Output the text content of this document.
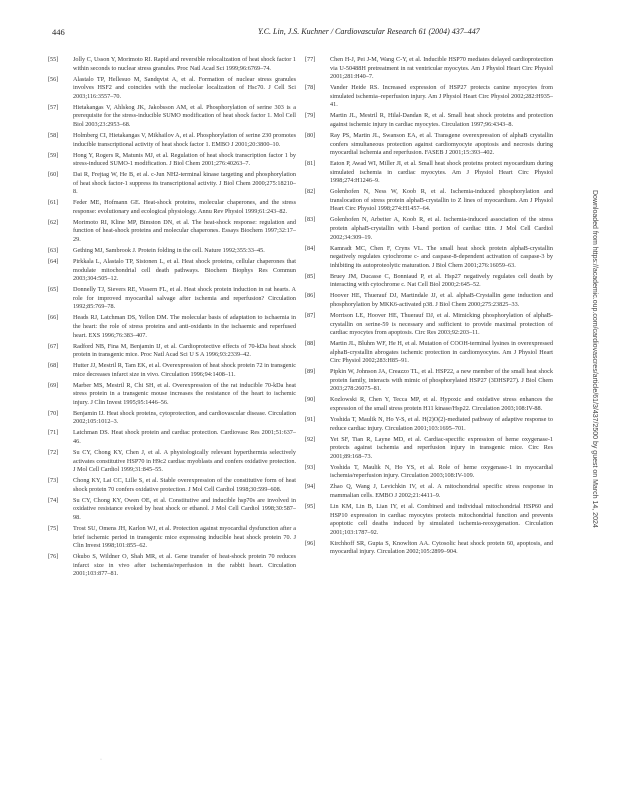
446	Y.C. Lin, J.S. Kuchner / Cardiovascular Research 61 (2004) 437–447
[55]	Jolly C, Usson Y, Morimoto RI. Rapid and reversible relocalization of heat shock factor 1 within seconds to nuclear stress granules. Proc Natl Acad Sci 1999;96:6769–74.
[56]	Alastalo TP, Hellesuo M, Sandqvist A, et al. Formation of nuclear stress granules involves HSF2 and coincides with the nucleolar localization of Hsc70. J Cell Sci 2003;116:3557–70.
[57]	Hietakangas V, Ahlskog JK, Jakobsson AM, et al. Phosphorylation of serine 303 is a prerequisite for the stress-inducible SUMO modification of heat shock factor 1. Mol Cell Biol 2003;23:2953–68.
[58]	Holmberg CI, Hietakangas V, Mikhailov A, et al. Phosphorylation of serine 230 promotes inducible transcriptional activity of heat shock factor 1. EMBO J 2001;20:3800–10.
[59]	Hong Y, Rogers R, Matunis MJ, et al. Regulation of heat shock transcription factor 1 by stress-induced SUMO-1 modification. J Biol Chem 2001;276:40263–7.
[60]	Dai R, Frejtag W, He B, et al. c-Jun NH2-terminal kinase targeting and phosphorylation of heat shock factor-1 suppress its transcriptional activity. J Biol Chem 2000;275:18210–8.
[61]	Feder ME, Hofmann GE. Heat-shock proteins, molecular chaperones, and the stress response: evolutionary and ecological physiology. Annu Rev Physiol 1999;61:243–82.
[62]	Morimoto RI, Kline MP, Bimston DN, et al. The heat-shock response: regulation and function of heat-shock proteins and molecular chaperones. Essays Biochem 1997;32:17–29.
[63]	Gething MJ, Sambrook J. Protein folding in the cell. Nature 1992;355:33–45.
[64]	Pirkkala L, Alastalo TP, Sistonen L, et al. Heat shock proteins, cellular chaperones that modulate mitochondrial cell death pathways. Biochem Biophys Res Commun 2003;304:505–12.
[65]	Donnelly TJ, Sievers RE, Vissern FL, et al. Heat shock protein induction in rat hearts. A role for improved myocardial salvage after ischemia and reperfusion? Circulation 1992;85:769–78.
[66]	Heads RJ, Latchman DS, Yellon DM. The molecular basis of adaptation to ischaemia in the heart: the role of stress proteins and anti-oxidants in the ischaemic and reperfused heart. EXS 1996;76:383–407.
[67]	Radford NB, Fina M, Benjamin IJ, et al. Cardioprotective effects of 70-kDa heat shock protein in transgenic mice. Proc Natl Acad Sci U S A 1996;93:2339–42.
[68]	Hutter JJ, Mestril R, Tam EK, et al. Overexpression of heat shock protein 72 in transgenic mice decreases infarct size in vivo. Circulation 1996;94:1408–11.
[69]	Marber MS, Mestril R, Chi SH, et al. Overexpression of the rat inducible 70-kDa heat stress protein in a transgenic mouse increases the resistance of the heart to ischemic injury. J Clin Invest 1995;95:1446–56.
[70]	Benjamin IJ. Heat shock proteins, cytoprotection, and cardiovascular disease. Circulation 2002;105:1012–3.
[71]	Latchman DS. Heat shock protein and cardiac protection. Cardiovasc Res 2001;51:637–46.
[72]	Su CY, Chong KY, Chen J, et al. A physiologically relevant hyperthermia selectively activates constitutive HSP70 in H9c2 cardiac myoblasts and confers oxidative protection. J Mol Cell Cardiol 1999;31:845–55.
[73]	Chong KY, Lai CC, Lille S, et al. Stable overexpression of the constitutive form of heat shock protein 70 confers oxidative protection. J Mol Cell Cardiol 1998;30:599–608.
[74]	Su CY, Chong KY, Owen OE, et al. Constitutive and inducible hsp70s are involved in oxidative resistance evoked by heat shock or ethanol. J Mol Cell Cardiol 1998;30:587–98.
[75]	Trost SU, Omens JH, Karlon WJ, et al. Protection against myocardial dysfunction after a brief ischemic period in transgenic mice expressing inducible heat shock protein 70. J Clin Invest 1998;101:855–62.
[76]	Okubo S, Wildner O, Shah MR, et al. Gene transfer of heat-shock protein 70 reduces infarct size in vivo after ischemia/reperfusion in the rabbit heart. Circulation 2001;103:877–81.
[77]	Chen H-J, Pei J-M, Wang C-Y, et al. Inducible HSP70 mediates delayed cardioprotection via U-50488H pretreatment in rat ventricular myocytes. Am J Physiol Heart Circ Physiol 2001;281:H40–7.
[78]	Vander Heide RS. Increased expression of HSP27 protects canine myocytes from simulated ischemia–reperfusion injury. Am J Physiol Heart Circ Physiol 2002;282:H935–41.
[79]	Martin JL, Mestril R, Hilal-Dandan R, et al. Small heat shock proteins and protection against ischemic injury in cardiac myocytes. Circulation 1997;96:4343–8.
[80]	Ray PS, Martin JL, Swanson EA, et al. Transgene overexpression of alphaB crystallin confers simultaneous protection against cardiomyocyte apoptosis and necrosis during myocardial ischemia and reperfusion. FASEB J 2001;15:393–402.
[81]	Eaton P, Awad WI, Miller JI, et al. Small heat shock proteins protect myocardium during simulated ischemia in cardiac myocytes. Am J Physiol Heart Circ Physiol 1998;274:H1246–9.
[82]	Golenhofen N, Ness W, Koob R, et al. Ischemia-induced phosphorylation and translocation of stress protein alphaB-crystallin to Z lines of myocardium. Am J Physiol Heart Circ Physiol 1998;274:H1457–64.
[83]	Golenhofen N, Arbeiter A, Koob R, et al. Ischemia-induced association of the stress protein alphaB-crystallin with I-band portion of cardiac titin. J Mol Cell Cardiol 2002;34:309–19.
[84]	Kamradt MC, Chen F, Cryns VL. The small heat shock protein alphaB-crystallin negatively regulates cytochrome c- and caspase-8-dependent activation of caspase-3 by inhibiting its autoproteolytic maturation. J Biol Chem 2001;276:16059–63.
[85]	Bruey JM, Ducasse C, Bonniaud P, et al. Hsp27 negatively regulates cell death by interacting with cytochrome c. Nat Cell Biol 2000;2:645–52.
[86]	Hoover HE, Thuerauf DJ, Martindale JJ, et al. alphaB-Crystallin gene induction and phosphorylation by MKK6-activated p38. J Biol Chem 2000;275:23825–33.
[87]	Morrison LE, Hoover HE, Thuerauf DJ, et al. Mimicking phosphorylation of alphaB-crystallin on serine-59 is necessary and sufficient to provide maximal protection of cardiac myocytes from apoptosis. Circ Res 2003;92:203–11.
[88]	Martin JL, Bluhm WF, He H, et al. Mutation of COOH-terminal lysines in overexpressed alphaB-crystallin abrogates ischemic protection in cardiomyocytes. Am J Physiol Heart Circ Physiol 2002;283:H85–91.
[89]	Pipkin W, Johnson JA, Creazzo TL, et al. HSP22, a new member of the small heat shock protein family, interacts with mimic of phosphorylated HSP27 (3DHSP27). J Biol Chem 2003;278:26075–81.
[90]	Kozlowski R, Chen Y, Tecca MP, et al. Hypoxic and oxidative stress enhances the expression of the small stress protein H11 kinase/Hsp22. Circulation 2003;108:IV-88.
[91]	Yoshida T, Maulik N, Ho Y-S, et al. H(2)O(2)-mediated pathway of adaptive response to reduce cardiac injury. Circulation 2001;103:1695–701.
[92]	Yet SF, Tian R, Layne MD, et al. Cardiac-specific expression of heme oxygenase-1 protects against ischemia and reperfusion injury in transgenic mice. Circ Res 2001;89:168–73.
[93]	Yoshida T, Maulik N, Ho YS, et al. Role of heme oxygenase-1 in myocardial ischemia/reperfusion injury. Circulation 2003;108:IV-109.
[94]	Zhao Q, Wang J, Levichkin IV, et al. A mitochondrial specific stress response in mammalian cells. EMBO J 2002;21:4411–9.
[95]	Lin KM, Lin B, Lian IY, et al. Combined and individual mitochondrial HSP60 and HSP10 expression in cardiac myocytes protects mitochondrial function and prevents apoptotic cell deaths induced by simulated ischemia-reoxygenation. Circulation 2001;103:1787–92.
[96]	Kirchhoff SR, Gupta S, Knowlton AA. Cytosolic heat shock protein 60, apoptosis, and myocardial injury. Circulation 2002;105:2899–904.
Downloaded from https://academic.oup.com/cardiovascres/article/61/3/437/2500 by guest on March 14, 2024
·
